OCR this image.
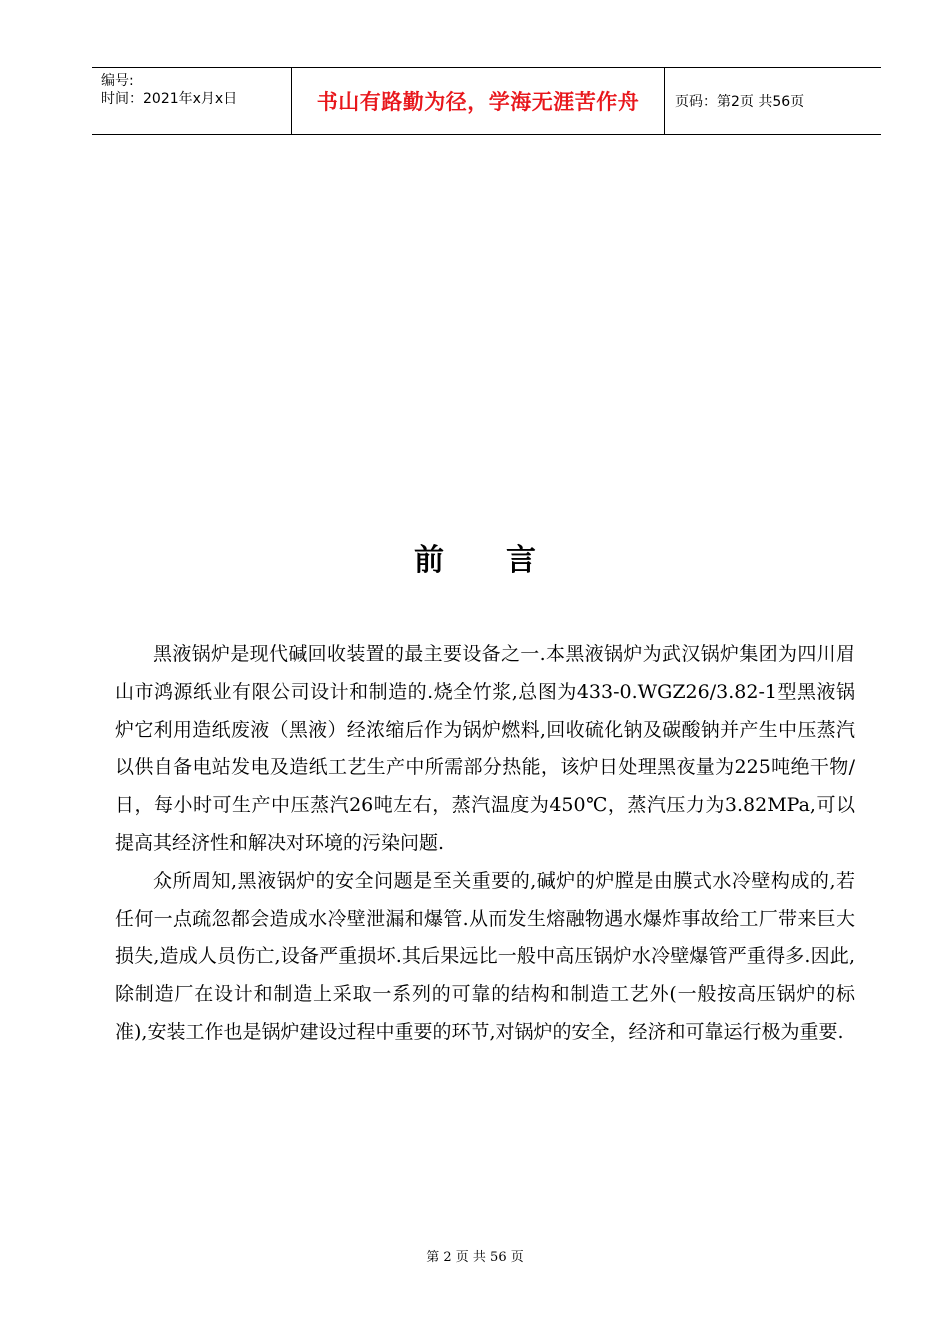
编号:
时间：2021年x月x日	书山有路勤为径，学海无涯苦作舟	页码：第2页 共56页
前言

黑液锅炉是现代碱回收装置的最主要设备之一.本黑液锅炉为武汉锅炉集团为四川眉山市鸿源纸业有限公司设计和制造的.烧全竹浆,总图为433-0.WGZ26/3.82-1型黑液锅炉它利用造纸废液（黑液）经浓缩后作为锅炉燃料,回收硫化钠及碳酸钠并产生中压蒸汽以供自备电站发电及造纸工艺生产中所需部分热能，该炉日处理黑夜量为225吨绝干物/日，每小时可生产中压蒸汽26吨左右，蒸汽温度为450℃，蒸汽压力为3.82MPa,可以提高其经济性和解决对环境的污染问题.

众所周知,黑液锅炉的安全问题是至关重要的,碱炉的炉膛是由膜式水冷壁构成的,若任何一点疏忽都会造成水冷壁泄漏和爆管.从而发生熔融物遇水爆炸事故给工厂带来巨大损失,造成人员伤亡,设备严重损坏.其后果远比一般中高压锅炉水冷壁爆管严重得多.因此,除制造厂在设计和制造上采取一系列的可靠的结构和制造工艺外(一般按高压锅炉的标准),安装工作也是锅炉建设过程中重要的环节,对锅炉的安全，经济和可靠运行极为重要.

第 2 页 共 56 页
